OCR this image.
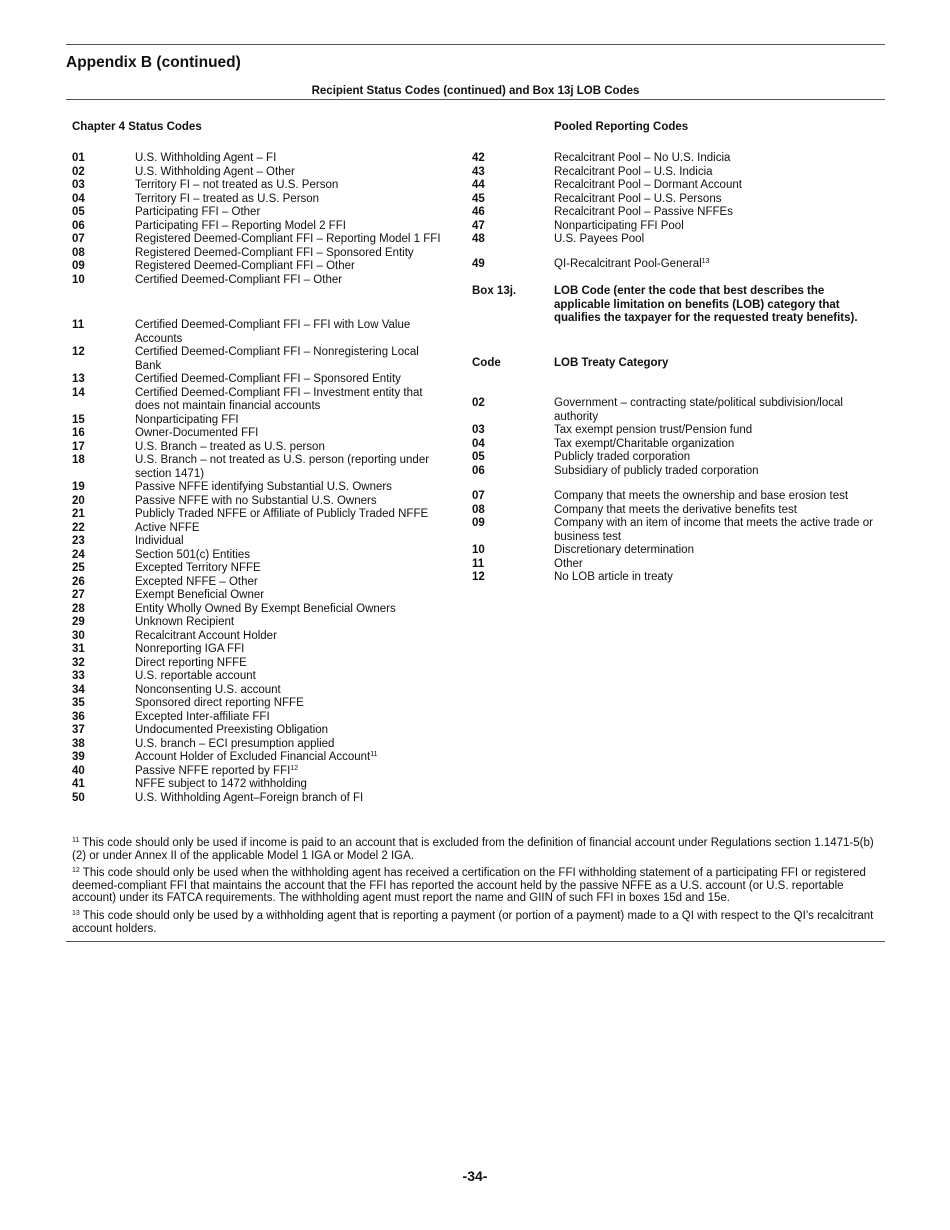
Appendix B (continued)
Recipient Status Codes (continued) and Box 13j LOB Codes
Chapter 4 Status Codes	Pooled Reporting Codes
01	U.S. Withholding Agent – FI
02	U.S. Withholding Agent – Other
03	Territory FI – not treated as U.S. Person
04	Territory FI – treated as U.S. Person
05	Participating FFI – Other
06	Participating FFI – Reporting Model 2 FFI
07	Registered Deemed-Compliant FFI – Reporting Model 1 FFI
08	Registered Deemed-Compliant FFI – Sponsored Entity
09	Registered Deemed-Compliant FFI – Other
10	Certified Deemed-Compliant FFI – Other
11	Certified Deemed-Compliant FFI – FFI with Low Value Accounts
12	Certified Deemed-Compliant FFI – Nonregistering Local Bank
13	Certified Deemed-Compliant FFI – Sponsored Entity
14	Certified Deemed-Compliant FFI – Investment entity that does not maintain financial accounts
15	Nonparticipating FFI
16	Owner-Documented FFI
17	U.S. Branch – treated as U.S. person
18	U.S. Branch – not treated as U.S. person (reporting under section 1471)
19	Passive NFFE identifying Substantial U.S. Owners
20	Passive NFFE with no Substantial U.S. Owners
21	Publicly Traded NFFE or Affiliate of Publicly Traded NFFE
22	Active NFFE
23	Individual
24	Section 501(c) Entities
25	Excepted Territory NFFE
26	Excepted NFFE – Other
27	Exempt Beneficial Owner
28	Entity Wholly Owned By Exempt Beneficial Owners
29	Unknown Recipient
30	Recalcitrant Account Holder
31	Nonreporting IGA FFI
32	Direct reporting NFFE
33	U.S. reportable account
34	Nonconsenting U.S. account
35	Sponsored direct reporting NFFE
36	Excepted Inter-affiliate FFI
37	Undocumented Preexisting Obligation
38	U.S. branch – ECI presumption applied
39	Account Holder of Excluded Financial Account$^{11}$
40	Passive NFFE reported by FFI$^{12}$
41	NFFE subject to 1472 withholding
50	U.S. Withholding Agent–Foreign branch of FI
42	Recalcitrant Pool – No U.S. Indicia
43	Recalcitrant Pool – U.S. Indicia
44	Recalcitrant Pool – Dormant Account
45	Recalcitrant Pool – U.S. Persons
46	Recalcitrant Pool – Passive NFFEs
47	Nonparticipating FFI Pool
48	U.S. Payees Pool
49	QI-Recalcitrant Pool-General$^{13}$
Box 13j.	LOB Code (enter the code that best describes the applicable limitation on benefits (LOB) category that qualifies the taxpayer for the requested treaty benefits).
Code	LOB Treaty Category
02	Government – contracting state/political subdivision/local authority
03	Tax exempt pension trust/Pension fund
04	Tax exempt/Charitable organization
05	Publicly traded corporation
06	Subsidiary of publicly traded corporation
07	Company that meets the ownership and base erosion test
08	Company that meets the derivative benefits test
09	Company with an item of income that meets the active trade or business test
10	Discretionary determination
11	Other
12	No LOB article in treaty
$^{11}$ This code should only be used if income is paid to an account that is excluded from the definition of financial account under Regulations section 1.1471-5(b)(2) or under Annex II of the applicable Model 1 IGA or Model 2 IGA.
$^{12}$ This code should only be used when the withholding agent has received a certification on the FFI withholding statement of a participating FFI or registered deemed-compliant FFI that maintains the account that the FFI has reported the account held by the passive NFFE as a U.S. account (or U.S. reportable account) under its FATCA requirements. The withholding agent must report the name and GIIN of such FFI in boxes 15d and 15e.
$^{13}$ This code should only be used by a withholding agent that is reporting a payment (or portion of a payment) made to a QI with respect to the QI’s recalcitrant account holders.
-34-
